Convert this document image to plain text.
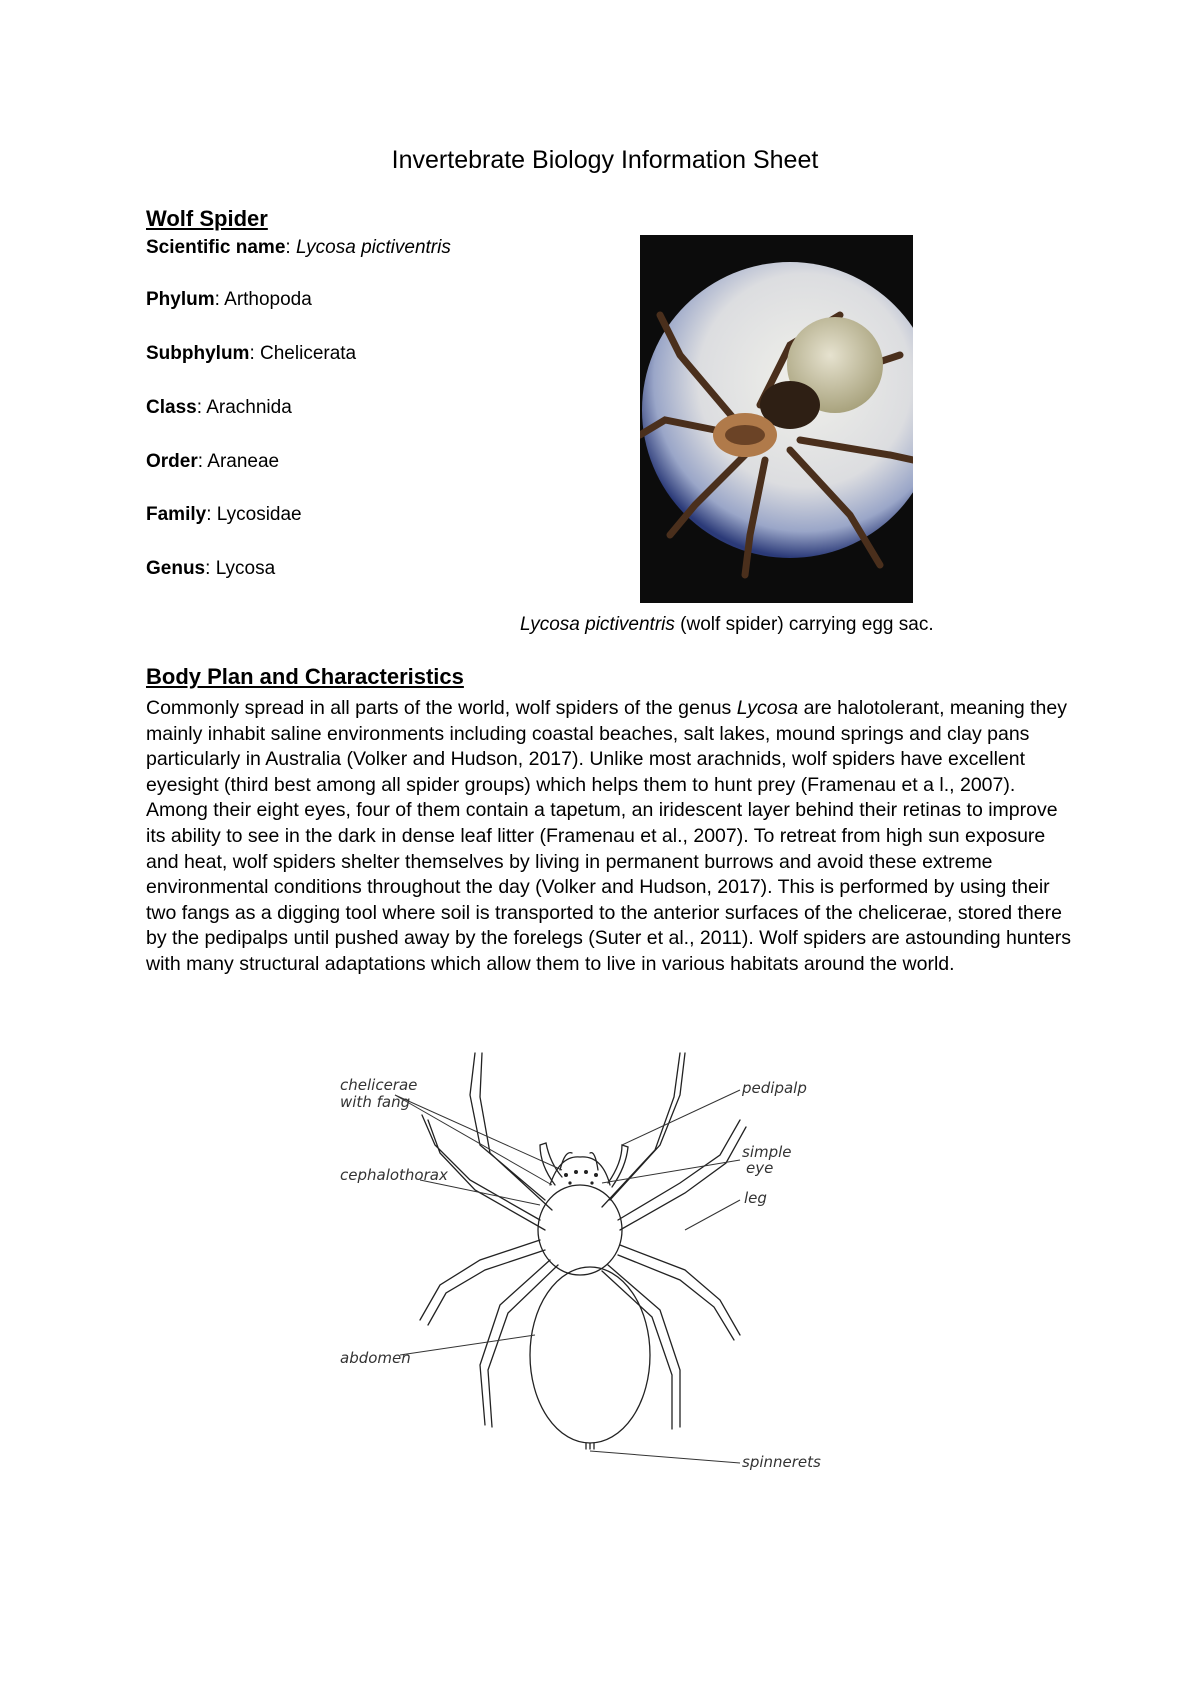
Invertebrate Biology Information Sheet
Wolf Spider
Scientific name: Lycosa pictiventris
Phylum: Arthopoda
Subphylum: Chelicerata
Class: Arachnida
Order: Araneae
Family: Lycosidae
Genus: Lycosa
Lycosa pictiventris (wolf spider) carrying egg sac.
Body Plan and Characteristics

Commonly spread in all parts of the world, wolf spiders of the genus Lycosa are halotolerant, meaning they mainly inhabit saline environments including coastal beaches, salt lakes, mound springs and clay pans particularly in Australia (Volker and Hudson, 2017). Unlike most arachnids, wolf spiders have excellent eyesight (third best among all spider groups) which helps them to hunt prey (Framenau et a l., 2007). Among their eight eyes, four of them contain a tapetum, an iridescent layer behind their retinas to improve its ability to see in the dark in dense leaf litter (Framenau et al., 2007). To retreat from high sun exposure and heat, wolf spiders shelter themselves by living in permanent burrows and avoid these extreme environmental conditions throughout the day (Volker and Hudson, 2017). This is performed by using their two fangs as a digging tool where soil is transported to the anterior surfaces of the chelicerae, stored there by the pedipalps until pushed away by the forelegs (Suter et al., 2011). Wolf spiders are astounding hunters with many structural adaptations which allow them to live in various habitats around the world.

chelicerae
with fang
pedipalp
simple
eye
cephalothorax
leg
abdomen
spinnerets
